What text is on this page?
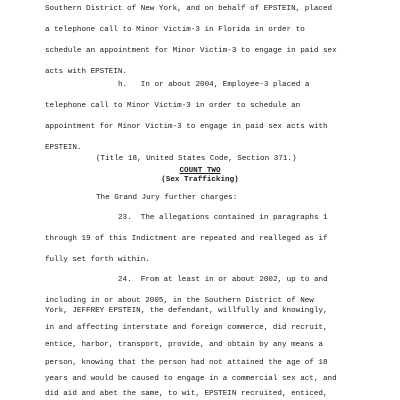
Southern District of New York, and on behalf of EPSTEIN, placed
a telephone call to Minor Victim-3 in Florida in order to
schedule an appointment for Minor Victim-3 to engage in paid sex
acts with EPSTEIN.
h.   In or about 2004, Employee-3 placed a
telephone call to Minor Victim-3 in order to schedule an
appointment for Minor Victim-3 to engage in paid sex acts with
EPSTEIN.
(Title 18, United States Code, Section 371.)
COUNT TWO
(Sex Trafficking)
The Grand Jury further charges:
23.  The allegations contained in paragraphs 1
through 19 of this Indictment are repeated and realleged as if
fully set forth within.
24.  From at least in or about 2002, up to and
including in or about 2005, in the Southern District of New
York, JEFFREY EPSTEIN, the defendant, willfully and knowingly,
in and affecting interstate and foreign commerce, did recruit,
entice, harbor, transport, provide, and obtain by any means a
person, knowing that the person had not attained the age of 18
years and would be caused to engage in a commercial sex act, and
did aid and abet the same, to wit, EPSTEIN recruited, enticed,
